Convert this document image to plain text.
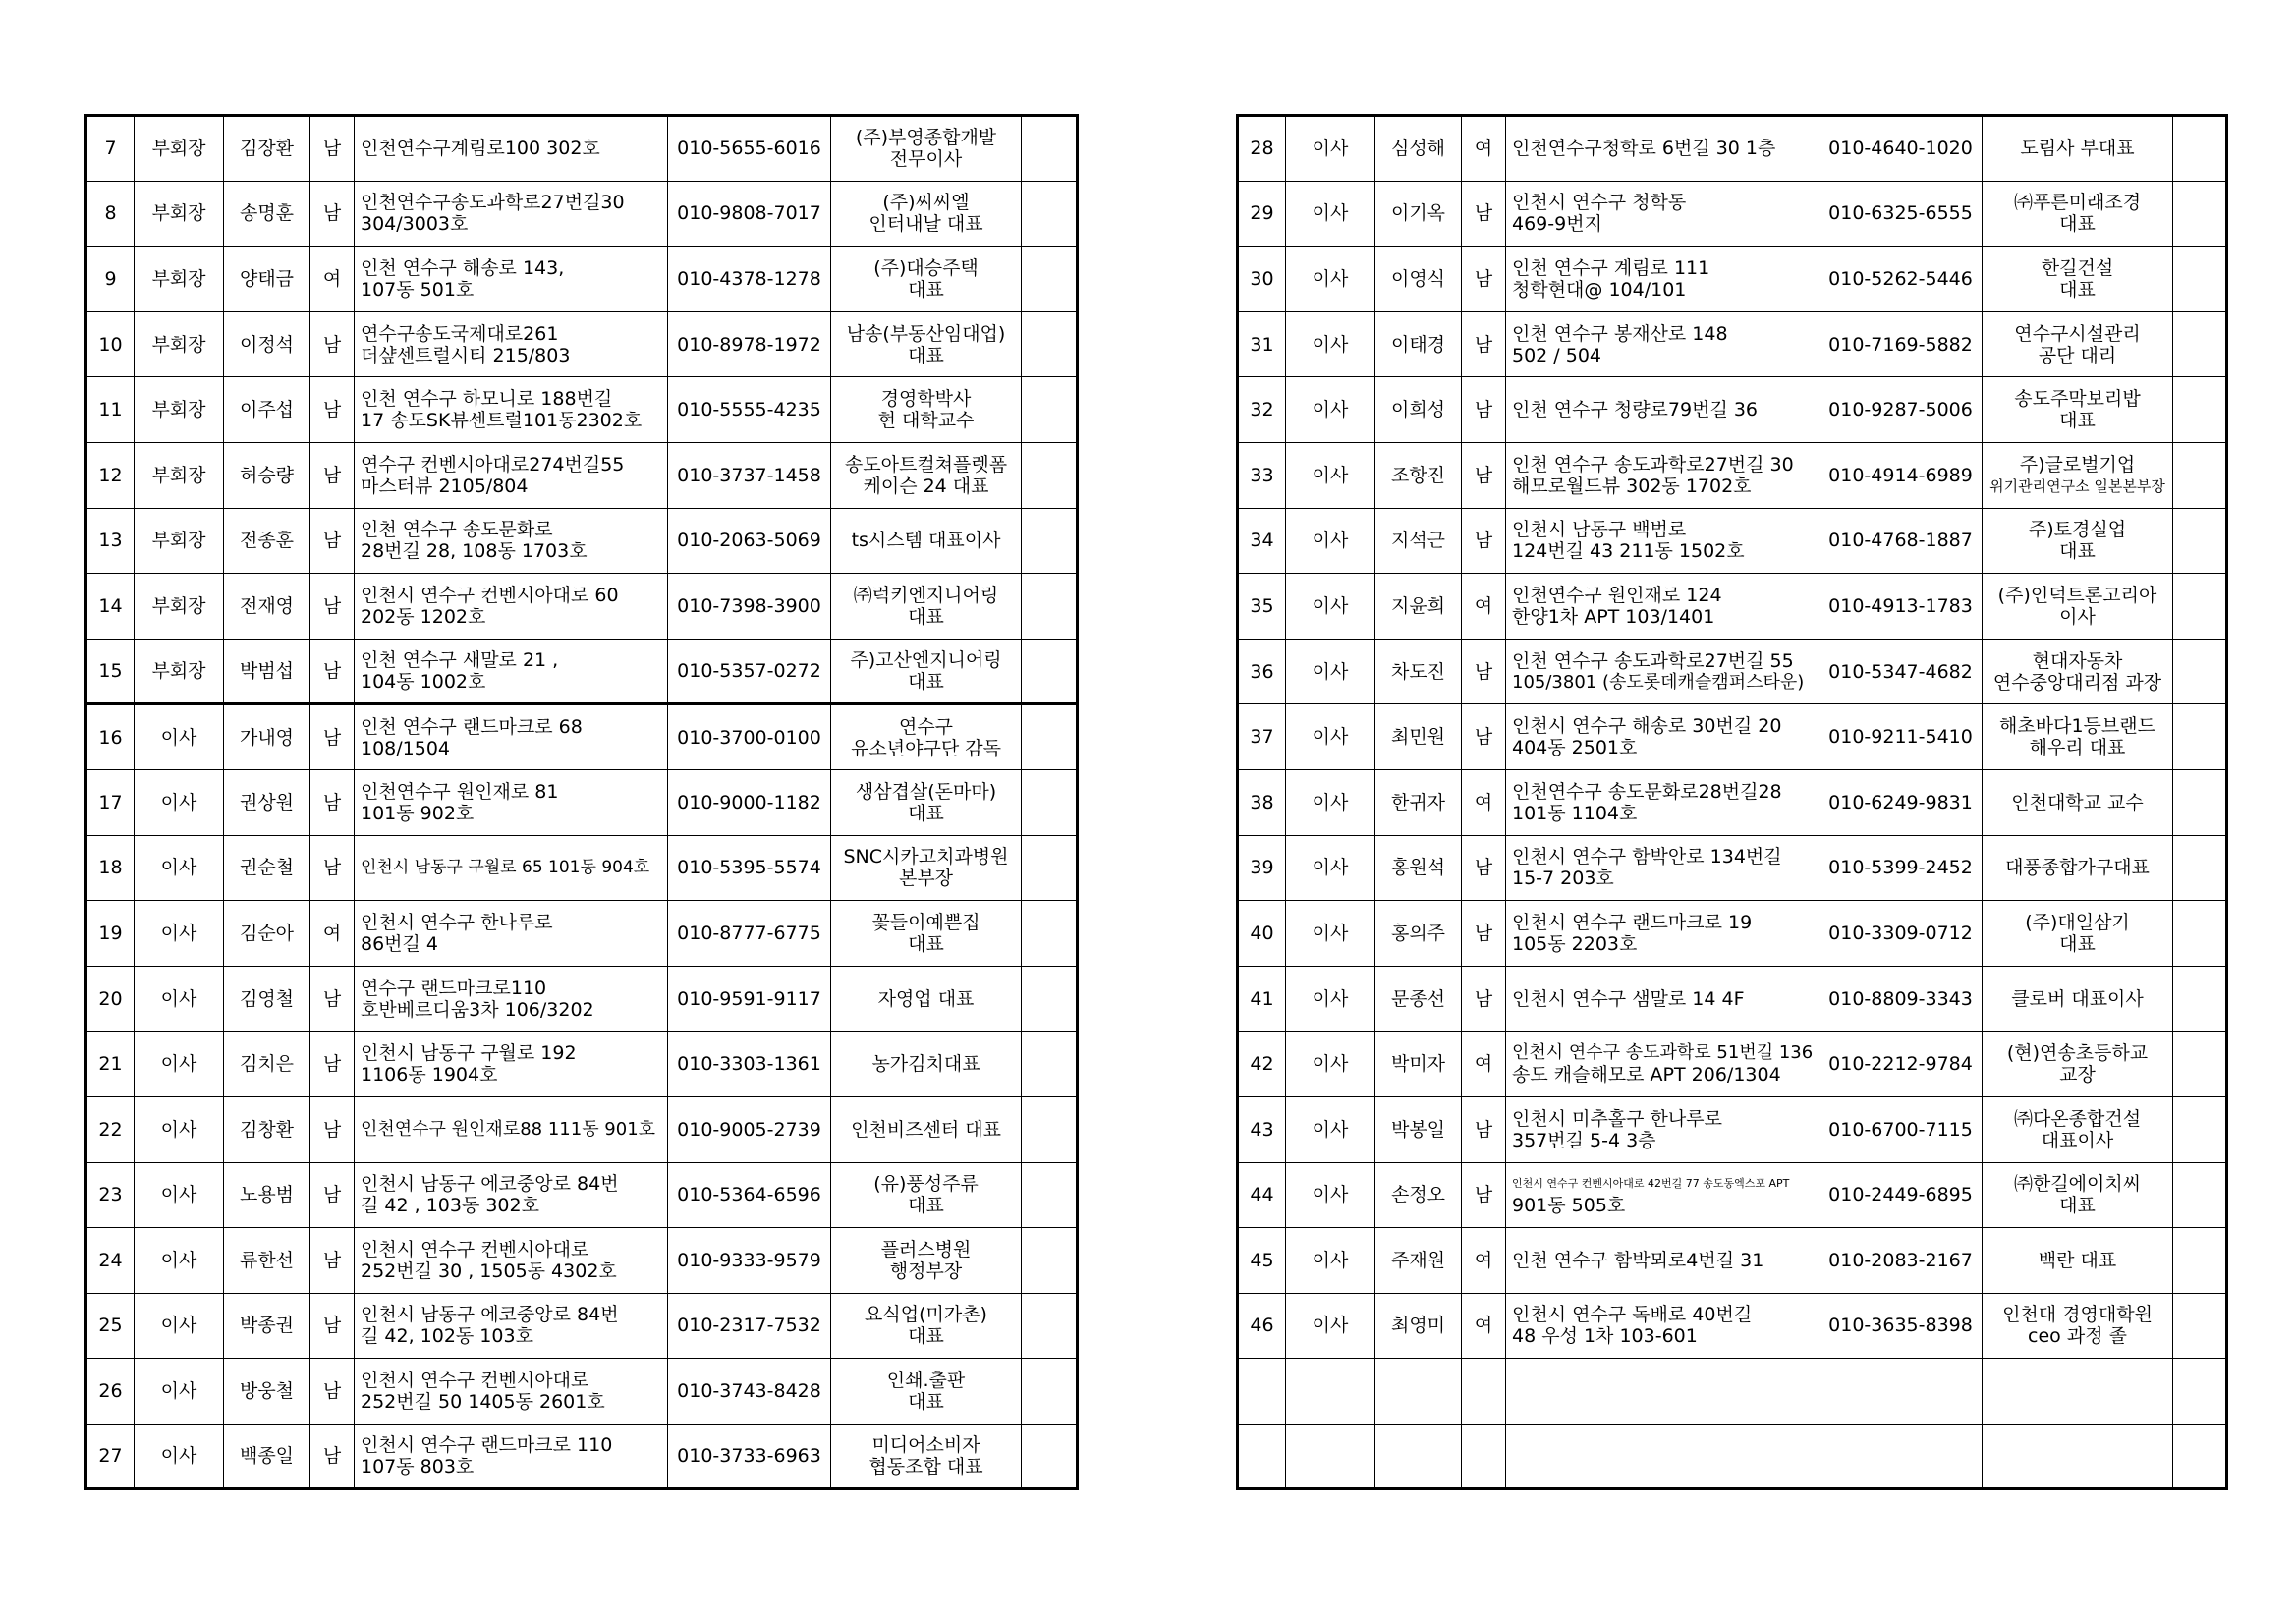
7	부회장	김장환	남	인천연수구계림로100 302호	010-5655-6016	(주)부영종합개발
전무이사	

8	부회장	송명훈	남	인천연수구송도과학로27번길30
304/3003호	010-9808-7017	(주)씨씨엘
인터내날 대표	

9	부회장	양태금	여	인천 연수구 해송로 143,
107동 501호	010-4378-1278	(주)대승주택
대표	

10	부회장	이정석	남	연수구송도국제대로261
더샾센트럴시티 215/803	010-8978-1972	남송(부동산임대업)
대표	

11	부회장	이주섭	남	인천 연수구 하모니로 188번길
17 송도SK뷰센트럴101동2302호	010-5555-4235	경영학박사
현 대학교수	

12	부회장	허승량	남	연수구 컨벤시아대로274번길55
마스터뷰 2105/804	010-3737-1458	송도아트컬쳐플렛폼
케이슨 24 대표	

13	부회장	전종훈	남	인천 연수구 송도문화로
28번길 28, 108동 1703호	010-2063-5069	ts시스템 대표이사	

14	부회장	전재영	남	인천시 연수구 컨벤시아대로 60
202동 1202호	010-7398-3900	㈜럭키엔지니어링
대표	

15	부회장	박범섭	남	인천 연수구 새말로 21 ,
104동 1002호	010-5357-0272	주)고산엔지니어링
대표	

16	이사	가내영	남	인천 연수구 랜드마크로 68
108/1504	010-3700-0100	연수구
유소년야구단 감독	

17	이사	권상원	남	인천연수구 원인재로 81
101동 902호	010-9000-1182	생삼겹살(돈마마)
대표	

18	이사	권순철	남	인천시 남동구 구월로 65 101동 904호	010-5395-5574	SNC시카고치과병원
본부장	

19	이사	김순아	여	인천시 연수구 한나루로
86번길 4	010-8777-6775	꽃들이예쁜집
대표	

20	이사	김영철	남	연수구 랜드마크로110
호반베르디움3차 106/3202	010-9591-9117	자영업 대표	

21	이사	김치은	남	인천시 남동구 구월로 192
1106동 1904호	010-3303-1361	농가김치대표	

22	이사	김창환	남	인천연수구 원인재로88 111동 901호	010-9005-2739	인천비즈센터 대표	

23	이사	노용범	남	인천시 남동구 에코중앙로 84번
길 42 , 103동 302호	010-5364-6596	(유)풍성주류
대표	

24	이사	류한선	남	인천시 연수구 컨벤시아대로
252번길 30 , 1505동 4302호	010-9333-9579	플러스병원
행정부장	

25	이사	박종권	남	인천시 남동구 에코중앙로 84번
길 42, 102동 103호	010-2317-7532	요식업(미가촌)
대표	

26	이사	방웅철	남	인천시 연수구 컨벤시아대로
252번길 50 1405동 2601호	010-3743-8428	인쇄.출판
대표	

27	이사	백종일	남	인천시 연수구 랜드마크로 110
107동 803호	010-3733-6963	미디어소비자
협동조합 대표	

28	이사	심성해	여	인천연수구청학로 6번길 30 1층	010-4640-1020	도림사 부대표	

29	이사	이기옥	남	인천시 연수구 청학동
469-9번지	010-6325-6555	㈜푸른미래조경
대표	

30	이사	이영식	남	인천 연수구 계림로 111
청학현대@ 104/101	010-5262-5446	한길건설
대표	

31	이사	이태경	남	인천 연수구 봉재산로 148
502 / 504	010-7169-5882	연수구시설관리
공단 대리	

32	이사	이희성	남	인천 연수구 청량로79번길 36	010-9287-5006	송도주막보리밥
대표	

33	이사	조항진	남	인천 연수구 송도과학로27번길 30
해모로월드뷰 302동 1702호	010-4914-6989	주)글로벌기업
위기관리연구소 일본본부장	

34	이사	지석근	남	인천시 남동구 백범로
124번길 43 211동 1502호	010-4768-1887	주)토경실업
대표	

35	이사	지윤희	여	인천연수구 원인재로 124
한양1차 APT 103/1401	010-4913-1783	(주)인덕트론고리아
이사	

36	이사	차도진	남	인천 연수구 송도과학로27번길 55
105/3801 (송도롯데캐슬캠퍼스타운)	010-5347-4682	현대자동차
연수중앙대리점 과장	

37	이사	최민원	남	인천시 연수구 해송로 30번길 20
404동 2501호	010-9211-5410	해초바다1등브랜드
해우리 대표	

38	이사	한귀자	여	인천연수구 송도문화로28번길28
101동 1104호	010-6249-9831	인천대학교 교수	

39	이사	홍원석	남	인천시 연수구 함박안로 134번길
15-7 203호	010-5399-2452	대풍종합가구대표	

40	이사	홍의주	남	인천시 연수구 랜드마크로 19
105동 2203호	010-3309-0712	(주)대일삼기
대표	

41	이사	문종선	남	인천시 연수구 샘말로 14 4F	010-8809-3343	클로버 대표이사	

42	이사	박미자	여	인천시 연수구 송도과학로 51번길 136
송도 캐슬해모로 APT 206/1304	010-2212-9784	(현)연송초등하교
교장	

43	이사	박봉일	남	인천시 미추홀구 한나루로
357번길 5-4 3층	010-6700-7115	㈜다온종합건설
대표이사	

44	이사	손정오	남	인천시 연수구 컨벤시아대로 42번길 77 송도동엑스포 APT
901동 505호	010-2449-6895	㈜한길에이치씨
대표	

45	이사	주재원	여	인천 연수구 함박뫼로4번길 31	010-2083-2167	백란 대표	

46	이사	최영미	여	인천시 연수구 독배로 40번길
48 우성 1차 103-601	010-3635-8398	인천대 경영대학원
ceo 과정 졸	
